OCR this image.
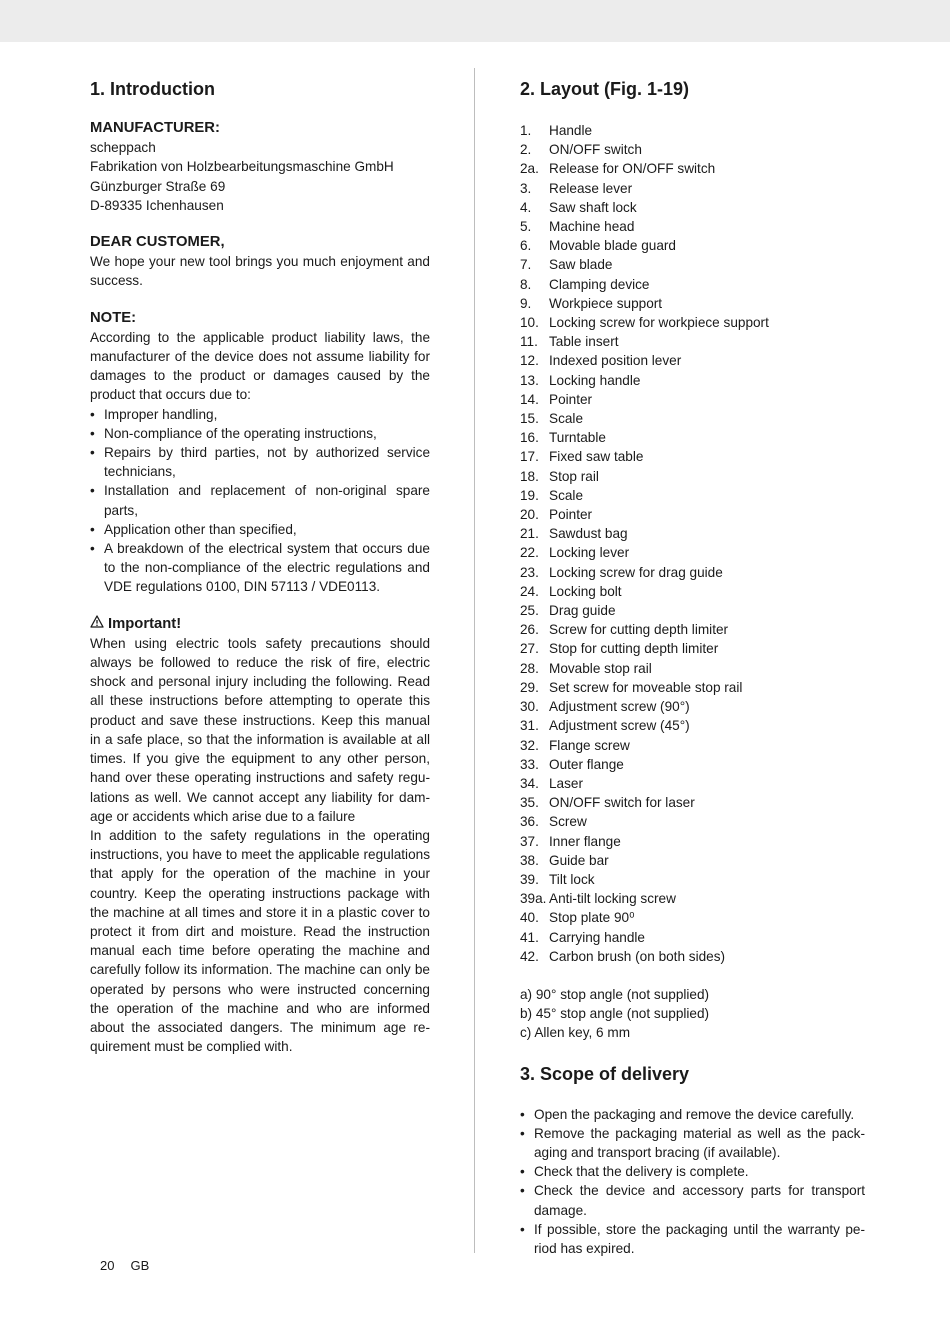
1. Introduction
MANUFACTURER:
scheppach
Fabrikation von Holzbearbeitungsmaschine GmbH
Günzburger Straße 69
D-89335 Ichenhausen
DEAR CUSTOMER,

We hope your new tool brings you much enjoyment and success.

NOTE:

According to the applicable product liability laws, the manufacturer of the device does not assume liability for damages to the product or damages caused by the product that occurs due to:

• Improper handling,
• Non-compliance of the operating instructions,
• Repairs by third parties, not by authorized service technicians,
• Installation and replacement of non-original spare parts,
• Application other than specified,
• A breakdown of the electrical system that occurs due to the non-compliance of the electric regulations and VDE regulations 0100, DIN 57113 / VDE0113.
Important!

When using electric tools safety precautions should always be followed to reduce the risk of fire, electric shock and personal injury including the following. Read all these instructions before attempting to operate this product and save these instructions. Keep this manual in a safe place, so that the information is available at all times. If you give the equipment to any other person, hand over these operating instructions and safety regulations as well. We cannot accept any liability for damage or accidents which arise due to a failure

In addition to the safety regulations in the operating instructions, you have to meet the applicable regulations that apply for the operation of the machine in your country. Keep the operating instructions package with the machine at all times and store it in a plastic cover to protect it from dirt and moisture. Read the instruction manual each time before operating the machine and carefully follow its information. The machine can only be operated by persons who were instructed concerning the operation of the machine and who are informed about the associated dangers. The minimum age requirement must be complied with.

2. Layout (Fig. 1-19)
1.	Handle
2.	ON/OFF switch
2a. Release for ON/OFF switch
3.	Release lever
4.	Saw shaft lock
5.	Machine head
6.	Movable blade guard
7.	Saw blade
8.	Clamping device
9.	Workpiece support
10. Locking screw for workpiece support
11. Table insert
12. Indexed position lever
13. Locking handle
14. Pointer
15. Scale
16. Turntable
17. Fixed saw table
18. Stop rail
19. Scale
20. Pointer
21. Sawdust bag
22. Locking lever
23. Locking screw for drag guide
24. Locking bolt
25. Drag guide
26. Screw for cutting depth limiter
27. Stop for cutting depth limiter
28. Movable stop rail
29. Set screw for moveable stop rail
30. Adjustment screw (90°)
31. Adjustment screw (45°)
32. Flange screw
33. Outer flange
34. Laser
35. ON/OFF switch for laser
36. Screw
37. Inner flange
38. Guide bar
39. Tilt lock
39a. Anti-tilt locking screw
40. Stop plate 90⁰
41. Carrying handle
42. Carbon brush (on both sides)
a) 90° stop angle (not supplied)
b) 45° stop angle (not supplied)
c) Allen key, 6 mm
3. Scope of delivery
• Open the packaging and remove the device carefully.
• Remove the packaging material as well as the packaging and transport bracing (if available).
• Check that the delivery is complete.
• Check the device and accessory parts for transport damage.
• If possible, store the packaging until the warranty period has expired.
20 GB
